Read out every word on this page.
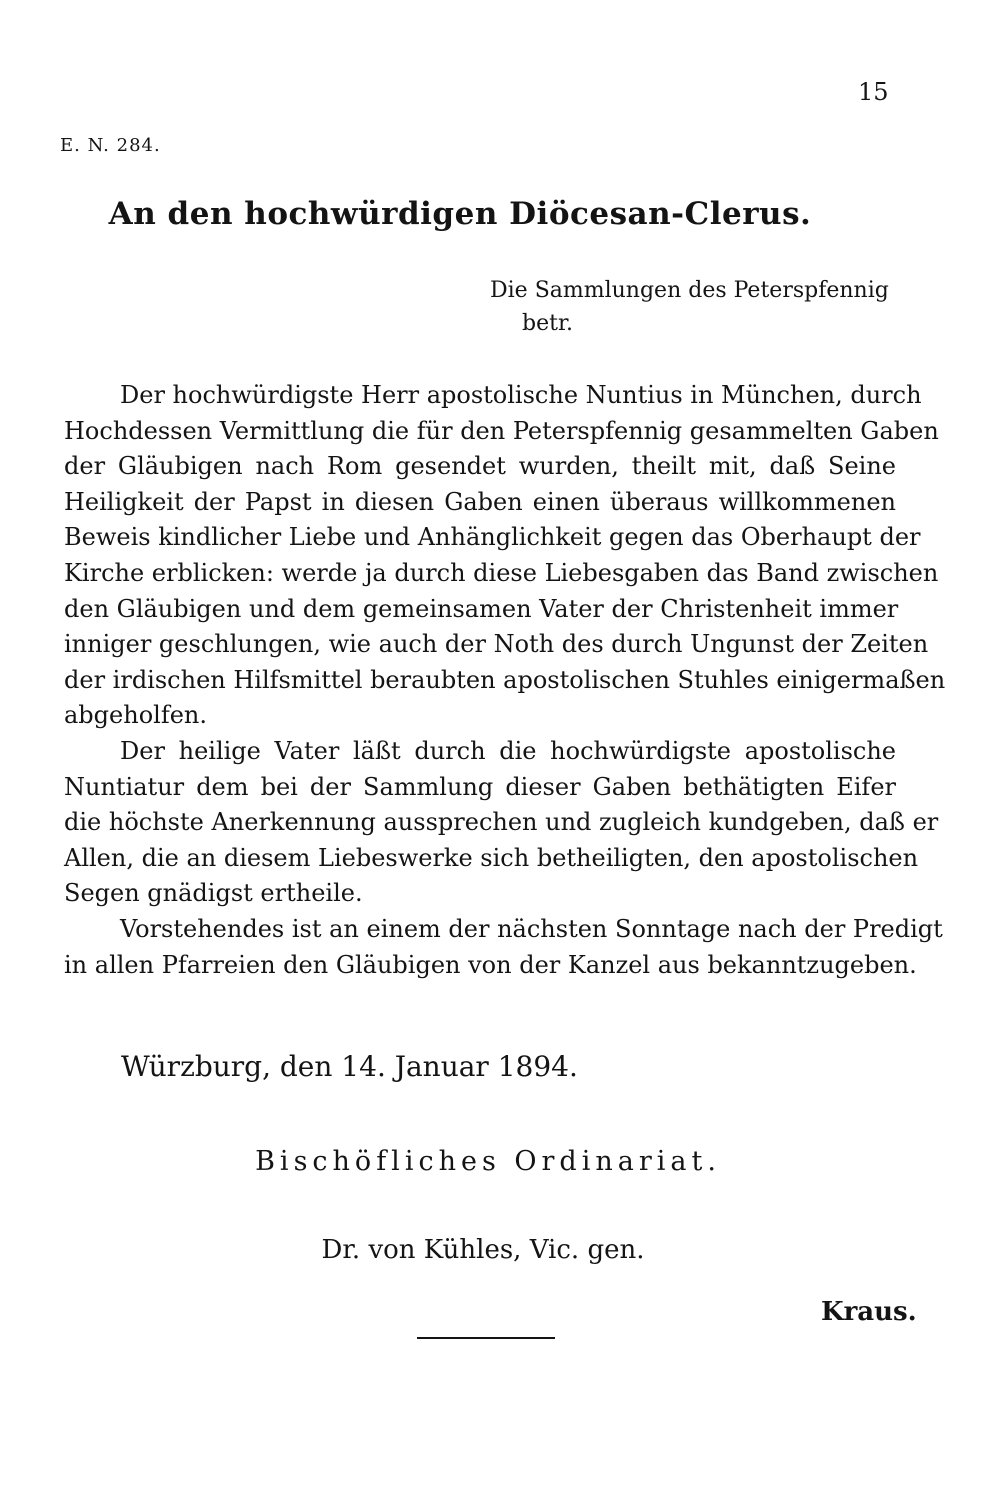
15
E. N. 284.
An den hochwürdigen Diöcesan-Clerus.
Die Sammlungen des Peterspfennig
betr.
Der hochwürdigste Herr apostolische Nuntius in München, durch
Hochdessen Vermittlung die für den Peterspfennig gesammelten Gaben
der Gläubigen nach Rom gesendet wurden, theilt mit, daß Seine
Heiligkeit der Papst in diesen Gaben einen überaus willkommenen
Beweis kindlicher Liebe und Anhänglichkeit gegen das Oberhaupt der
Kirche erblicken: werde ja durch diese Liebesgaben das Band zwischen
den Gläubigen und dem gemeinsamen Vater der Christenheit immer
inniger geschlungen, wie auch der Noth des durch Ungunst der Zeiten
der irdischen Hilfsmittel beraubten apostolischen Stuhles einigermaßen
abgeholfen.
Der heilige Vater läßt durch die hochwürdigste apostolische
Nuntiatur dem bei der Sammlung dieser Gaben bethätigten Eifer
die höchste Anerkennung aussprechen und zugleich kundgeben, daß er
Allen, die an diesem Liebeswerke sich betheiligten, den apostolischen
Segen gnädigst ertheile.
Vorstehendes ist an einem der nächsten Sonntage nach der Predigt
in allen Pfarreien den Gläubigen von der Kanzel aus bekanntzugeben.
Würzburg, den 14. Januar 1894.
Bischöfliches Ordinariat.
Dr. von Kühles, Vic. gen.
Kraus.
